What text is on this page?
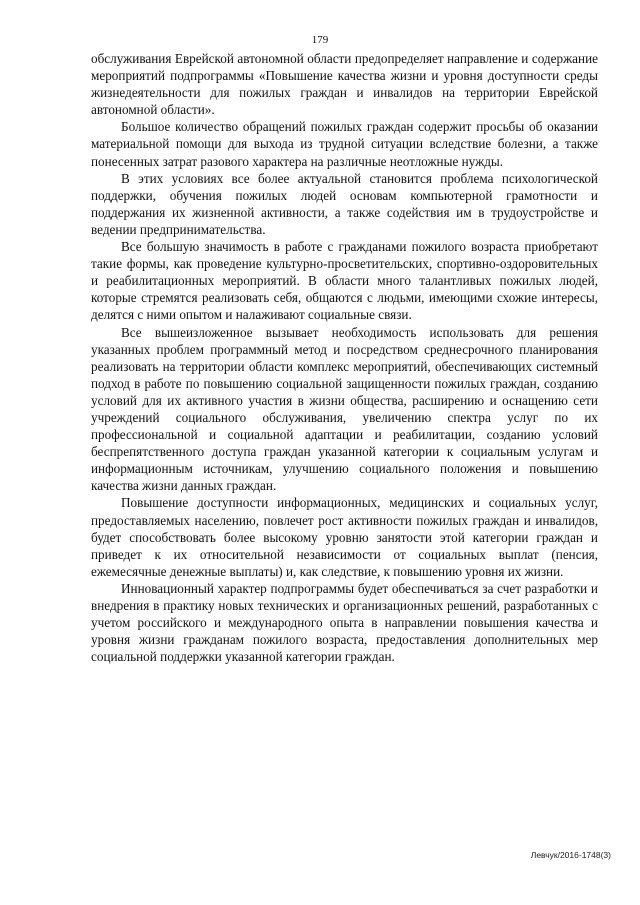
179

обслуживания Еврейской автономной области предопределяет направление и содержание мероприятий подпрограммы «Повышение качества жизни и уровня доступности среды жизнедеятельности для пожилых граждан и инвалидов на территории Еврейской автономной области».

Большое количество обращений пожилых граждан содержит просьбы об оказании материальной помощи для выхода из трудной ситуации вследствие болезни, а также понесенных затрат разового характера на различные неотложные нужды.

В этих условиях все более актуальной становится проблема психологической поддержки, обучения пожилых людей основам компьютерной грамотности и поддержания их жизненной активности, а также содействия им в трудоустройстве и ведении предпринимательства.

Все большую значимость в работе с гражданами пожилого возраста приобретают такие формы, как проведение культурно-просветительских, спортивно-оздоровительных и реабилитационных мероприятий. В области много талантливых пожилых людей, которые стремятся реализовать себя, общаются с людьми, имеющими схожие интересы, делятся с ними опытом и налаживают социальные связи.

Все вышеизложенное вызывает необходимость использовать для решения указанных проблем программный метод и посредством среднесрочного планирования реализовать на территории области комплекс мероприятий, обеспечивающих системный подход в работе по повышению социальной защищенности пожилых граждан, созданию условий для их активного участия в жизни общества, расширению и оснащению сети учреждений социального обслуживания, увеличению спектра услуг по их профессиональной и социальной адаптации и реабилитации, созданию условий беспрепятственного доступа граждан указанной категории к социальным услугам и информационным источникам, улучшению социального положения и повышению качества жизни данных граждан.

Повышение доступности информационных, медицинских и социальных услуг, предоставляемых населению, повлечет рост активности пожилых граждан и инвалидов, будет способствовать более высокому уровню занятости этой категории граждан и приведет к их относительной независимости от социальных выплат (пенсия, ежемесячные денежные выплаты) и, как следствие, к повышению уровня их жизни.

Инновационный характер подпрограммы будет обеспечиваться за счет разработки и внедрения в практику новых технических и организационных решений, разработанных с учетом российского и международного опыта в направлении повышения качества и уровня жизни гражданам пожилого возраста, предоставления дополнительных мер социальной поддержки указанной категории граждан.

Левчук/2016-1748(3)
